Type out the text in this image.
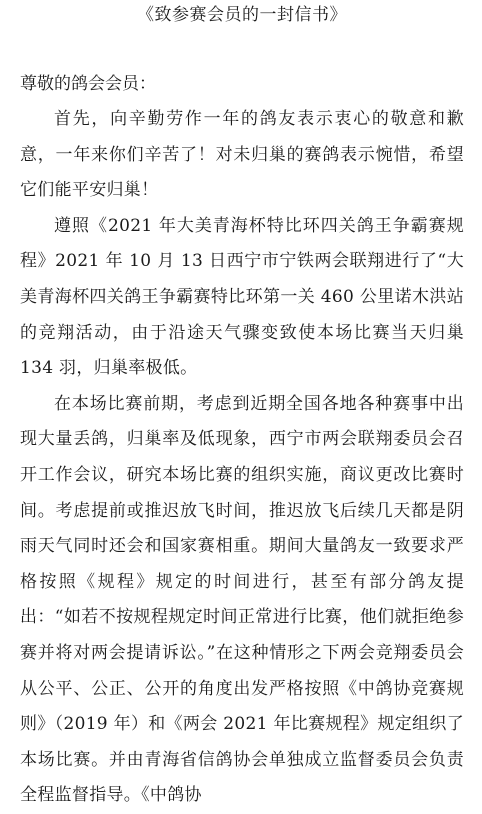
《致参赛会员的一封信书》
尊敬的鸽会会员：

首先，向辛勤劳作一年的鸽友表示衷心的敬意和歉意，一年来你们辛苦了！对未归巢的赛鸽表示惋惜，希望它们能平安归巢！

遵照《2021 年大美青海杯特比环四关鸽王争霸赛规程》2021 年 10 月 13 日西宁市宁铁两会联翔进行了“大美青海杯四关鸽王争霸赛特比环第一关 460 公里诺木洪站的竞翔活动，由于沿途天气骤变致使本场比赛当天归巢 134 羽，归巢率极低。

在本场比赛前期，考虑到近期全国各地各种赛事中出现大量丢鸽，归巢率及低现象，西宁市两会联翔委员会召开工作会议，研究本场比赛的组织实施，商议更改比赛时间。考虑提前或推迟放飞时间，推迟放飞后续几天都是阴雨天气同时还会和国家赛相重。期间大量鸽友一致要求严格按照《规程》规定的时间进行，甚至有部分鸽友提出：“如若不按规程规定时间正常进行比赛，他们就拒绝参赛并将对两会提请诉讼。”在这种情形之下两会竞翔委员会从公平、公正、公开的角度出发严格按照《中鸽协竞赛规则》（2019 年）和《两会 2021 年比赛规程》规定组织了本场比赛。并由青海省信鸽协会单独成立监督委员会负责全程监督指导。《中鸽协
